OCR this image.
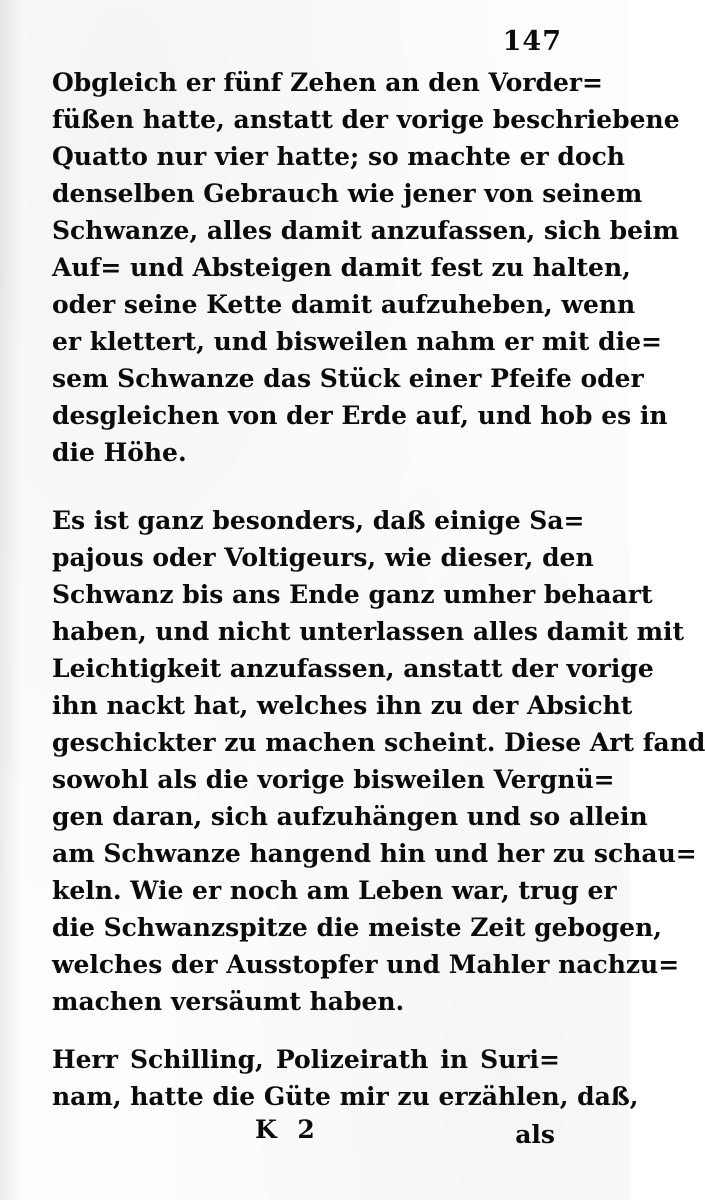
147
Obgleich er fünf Zehen an den Vorder=
füßen hatte, anstatt der vorige beschriebene
Quatto nur vier hatte; so machte er doch
denselben Gebrauch wie jener von seinem
Schwanze, alles damit anzufassen, sich beim
Auf= und Absteigen damit fest zu halten,
oder seine Kette damit aufzuheben, wenn
er klettert, und bisweilen nahm er mit die=
sem Schwanze das Stück einer Pfeife oder
desgleichen von der Erde auf, und hob es in
die Höhe.
Es ist ganz besonders, daß einige Sa=
pajous oder Voltigeurs, wie dieser, den
Schwanz bis ans Ende ganz umher behaart
haben, und nicht unterlassen alles damit mit
Leichtigkeit anzufassen, anstatt der vorige
ihn nackt hat, welches ihn zu der Absicht
geschickter zu machen scheint. Diese Art fand
sowohl als die vorige bisweilen Vergnü=
gen daran, sich aufzuhängen und so allein
am Schwanze hangend hin und her zu schau=
keln. Wie er noch am Leben war, trug er
die Schwanzspitze die meiste Zeit gebogen,
welches der Ausstopfer und Mahler nachzu=
machen versäumt haben.
Herr Schilling, Polizeirath in Suri=
nam, hatte die Güte mir zu erzählen, daß,
K 2	als
